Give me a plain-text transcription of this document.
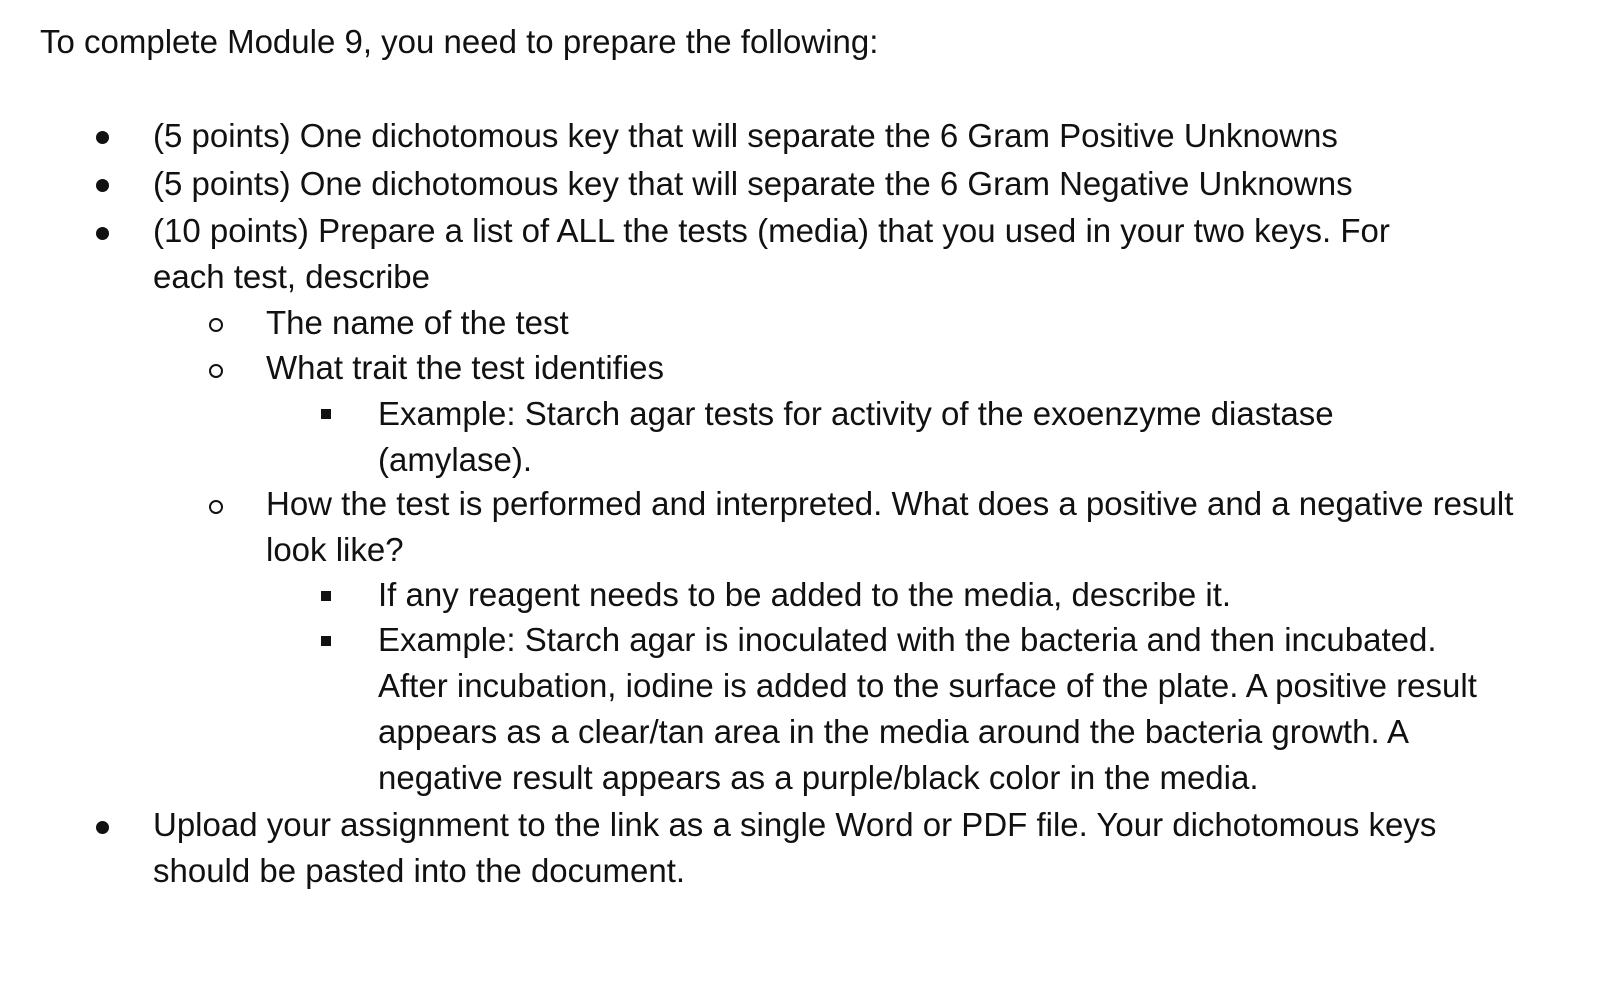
To complete Module 9, you need to prepare the following:

(5 points) One dichotomous key that will separate the 6 Gram Positive Unknowns
(5 points) One dichotomous key that will separate the 6 Gram Negative Unknowns
(10 points) Prepare a list of ALL the tests (media) that you used in your two keys. For each test, describe
The name of the test
What trait the test identifies
Example: Starch agar tests for activity of the exoenzyme diastase (amylase).
How the test is performed and interpreted. What does a positive and a negative result look like?
If any reagent needs to be added to the media, describe it.
Example: Starch agar is inoculated with the bacteria and then incubated. After incubation, iodine is added to the surface of the plate. A positive result appears as a clear/tan area in the media around the bacteria growth. A negative result appears as a purple/black color in the media.
Upload your assignment to the link as a single Word or PDF file. Your dichotomous keys should be pasted into the document.
